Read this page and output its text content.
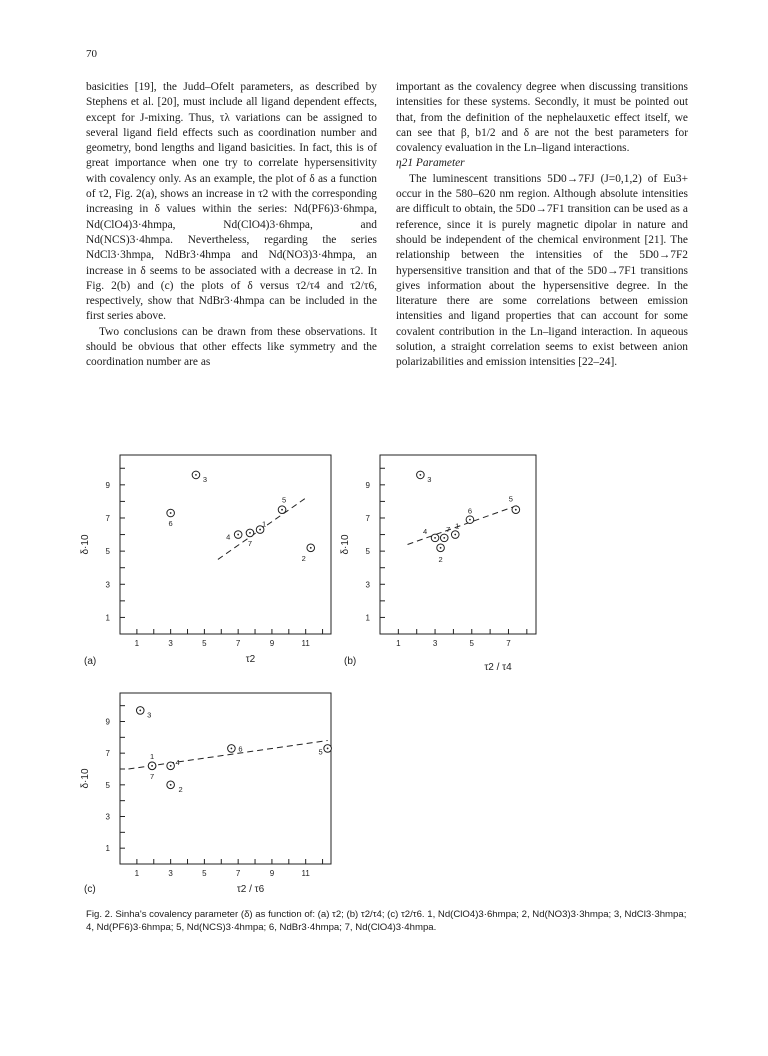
70

basicities [19], the Judd–Ofelt parameters, as described by Stephens et al. [20], must include all ligand dependent effects, except for J-mixing. Thus, τλ variations can be assigned to several ligand field effects such as coordination number and geometry, bond lengths and ligand basicities. In fact, this is of great importance when one try to correlate hypersensitivity with covalency only. As an example, the plot of δ as a function of τ2, Fig. 2(a), shows an increase in τ2 with the corresponding increasing in δ values within the series: Nd(PF6)3·6hmpa, Nd(ClO4)3·4hmpa, Nd(ClO4)3·6hmpa, and Nd(NCS)3·4hmpa. Nevertheless, regarding the series NdCl3·3hmpa, NdBr3·4hmpa and Nd(NO3)3·4hmpa, an increase in δ seems to be associated with a decrease in τ2. In Fig. 2(b) and (c) the plots of δ versus τ2/τ4 and τ2/τ6, respectively, show that NdBr3·4hmpa can be included in the first series above.

Two conclusions can be drawn from these observations. It should be obvious that other effects like symmetry and the coordination number are as

important as the covalency degree when discussing transitions intensities for these systems. Secondly, it must be pointed out that, from the definition of the nephelauxetic effect itself, we can see that β, b1/2 and δ are not the best parameters for covalency evaluation in the Ln–ligand interactions.

η21 Parameter

The luminescent transitions 5D0→7FJ (J=0,1,2) of Eu3+ occur in the 580–620 nm region. Although absolute intensities are difficult to obtain, the 5D0→7F1 transition can be used as a reference, since it is purely magnetic dipolar in nature and should be independent of the chemical environment [21]. The relationship between the intensities of the 5D0→7F2 hypersensitive transition and that of the 5D0→7F1 transitions gives information about the hypersensitive degree. In the literature there are some correlations between emission intensities and ligand properties that can account for some covalent contribution in the Ln–ligand interaction. In aqueous solution, a straight correlation seems to exist between anion polarizabilities and emission intensities [22–24].

1
3
5
7
9
1	3	5	7	9	11
δ·10
τ2
(a)
1
2
3
4
5
6
7
1
3
5
7
9
1	3	5	7
δ·10
τ2 / τ4
(b)
1
2
3
4
5
6
7
1
3
5
7
9
1	3	5	7	9	11
δ·10
τ2 / τ6
(c)
1
2
3
4
5
6
7
Fig. 2. Sinha's covalency parameter (δ) as function of: (a) τ2; (b) τ2/τ4; (c) τ2/τ6. 1, Nd(ClO4)3·6hmpa; 2, Nd(NO3)3·3hmpa; 3, NdCl3·3hmpa; 4, Nd(PF6)3·6hmpa; 5, Nd(NCS)3·4hmpa; 6, NdBr3·4hmpa; 7, Nd(ClO4)3·4hmpa.
